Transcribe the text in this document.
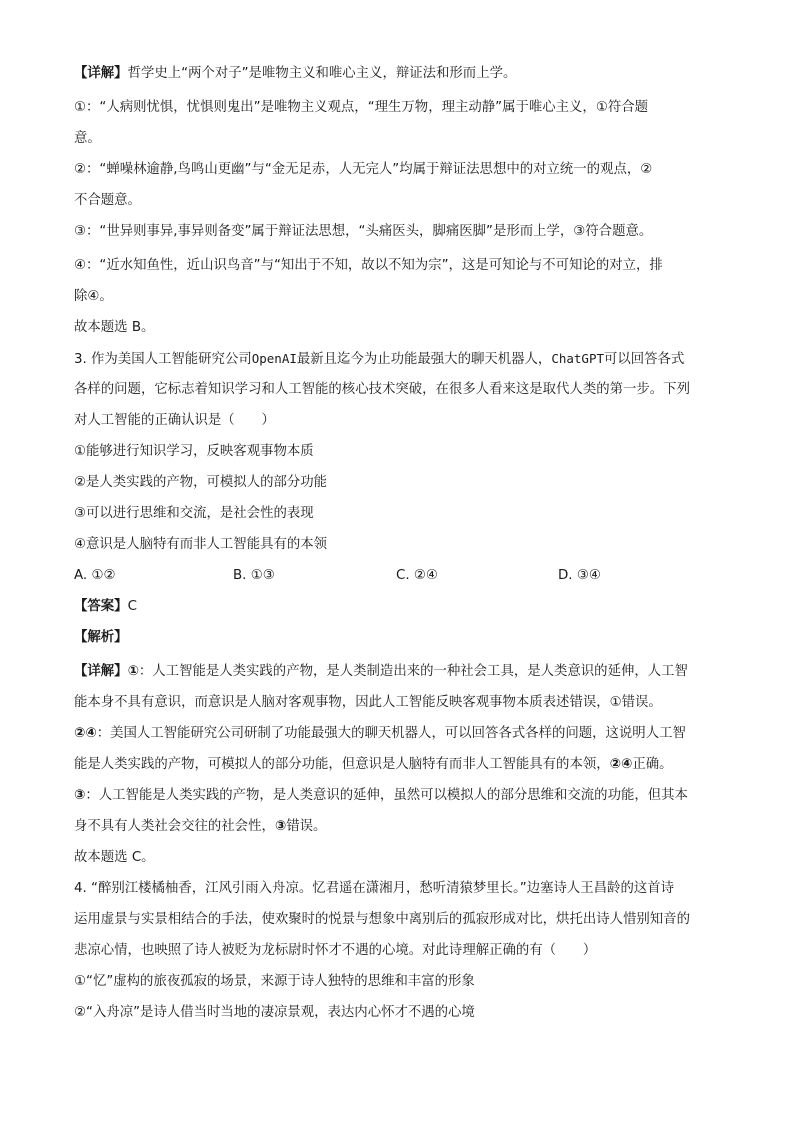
【详解】哲学史上“两个对子”是唯物主义和唯心主义，辩证法和形而上学。
①：“人病则忧惧，忧惧则鬼出”是唯物主义观点，“理生万物，理主动静”属于唯心主义，①符合题
意。
②：“蝉噪林逾静,鸟鸣山更幽”与“金无足赤，人无完人”均属于辩证法思想中的对立统一的观点，②
不合题意。
③：“世异则事异,事异则备变”属于辩证法思想，“头痛医头，脚痛医脚”是形而上学，③符合题意。
④：“近水知鱼性，近山识鸟音”与“知出于不知，故以不知为宗”，这是可知论与不可知论的对立，排
除④。
故本题选 B。
3. 作为美国人工智能研究公司OpenAI最新且迄今为止功能最强大的聊天机器人，ChatGPT可以回答各式
各样的问题，它标志着知识学习和人工智能的核心技术突破，在很多人看来这是取代人类的第一步。下列
对人工智能的正确认识是（　　）
①能够进行知识学习，反映客观事物本质
②是人类实践的产物，可模拟人的部分功能
③可以进行思维和交流，是社会性的表现
④意识是人脑特有而非人工智能具有的本领
A. ①②	B. ①③	C. ②④	D. ③④
【答案】C
【解析】
【详解】①：人工智能是人类实践的产物，是人类制造出来的一种社会工具，是人类意识的延伸，人工智
能本身不具有意识，而意识是人脑对客观事物，因此人工智能反映客观事物本质表述错误，①错误。
②④：美国人工智能研究公司研制了功能最强大的聊天机器人，可以回答各式各样的问题，这说明人工智
能是人类实践的产物，可模拟人的部分功能，但意识是人脑特有而非人工智能具有的本领，②④正确。
③：人工智能是人类实践的产物，是人类意识的延伸，虽然可以模拟人的部分思维和交流的功能，但其本
身不具有人类社会交往的社会性，③错误。
故本题选 C。
4. “醉别江楼橘柚香，江风引雨入舟凉。忆君遥在潇湘月，愁听清猿梦里长。”边塞诗人王昌龄的这首诗
运用虚景与实景相结合的手法，使欢聚时的悦景与想象中离别后的孤寂形成对比，烘托出诗人惜别知音的
悲凉心情，也映照了诗人被贬为龙标尉时怀才不遇的心境。对此诗理解正确的有（　　）
①“忆”虚构的旅夜孤寂的场景，来源于诗人独特的思维和丰富的形象
②“入舟凉”是诗人借当时当地的凄凉景观，表达内心怀才不遇的心境
